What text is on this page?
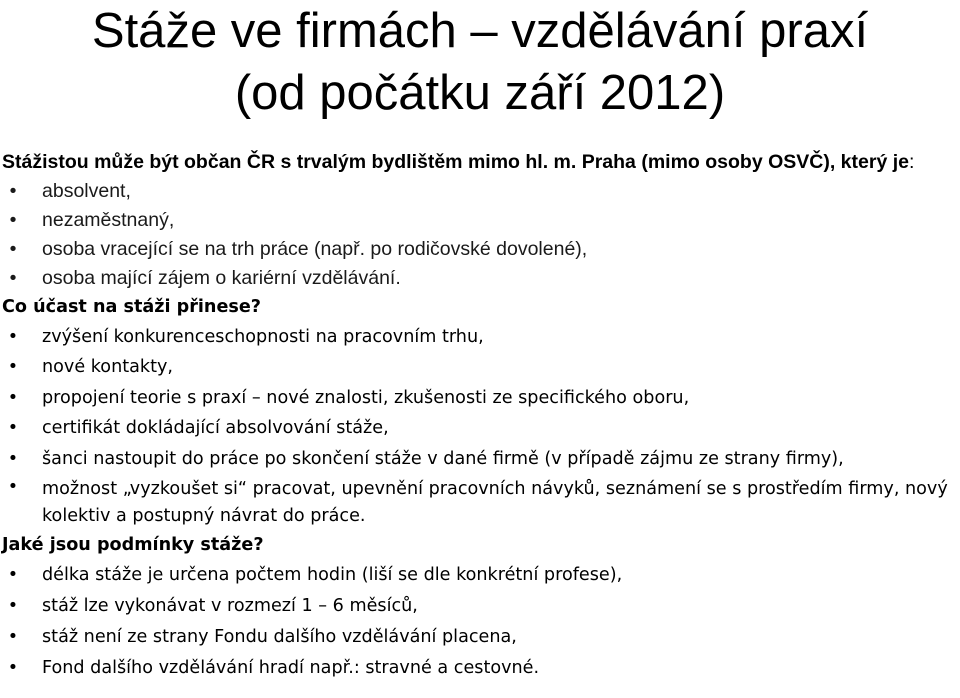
Stáže ve firmách – vzdělávání praxí
(od počátku září 2012)

Stážistou může být občan ČR s trvalým bydlištěm mimo hl. m. Praha (mimo osoby OSVČ), který je:

•	absolvent,
•	nezaměstnaný,
•	osoba vracející se na trh práce (např. po rodičovské dovolené),
•	osoba mající zájem o kariérní vzdělávání.

Co účast na stáži přinese?

• zvýšení konkurenceschopnosti na pracovním trhu,
• nové kontakty,
• propojení teorie s praxí – nové znalosti, zkušenosti ze specifického oboru,
• certifikát dokládající absolvování stáže,
• šanci nastoupit do práce po skončení stáže v dané firmě (v případě zájmu ze strany firmy),
• možnost „vyzkoušet si“ pracovat, upevnění pracovních návyků, seznámení se s prostředím firmy, nový kolektiv a postupný návrat do práce.

Jaké jsou podmínky stáže?

• délka stáže je určena počtem hodin (liší se dle konkrétní profese),
• stáž lze vykonávat v rozmezí 1 – 6 měsíců,
• stáž není ze strany Fondu dalšího vzdělávání placena,
• Fond dalšího vzdělávání hradí např.: stravné a cestovné.
